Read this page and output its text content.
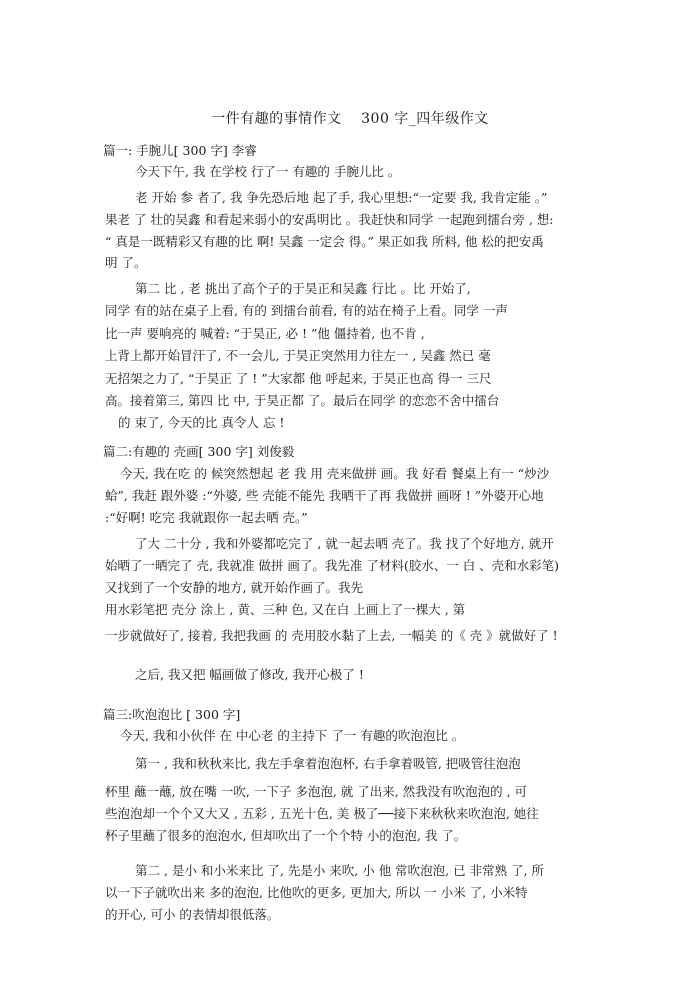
一件有趣的事情作文　 300 字_四年级作文
篇一: 手腕儿[ 300 字] 李睿
今天下午, 我 在学校 行了一 有趣的 手腕儿比 。
老 开始 参 者了, 我 争先恐后地 起了手, 我心里想:“一定要 我, 我肯定能 。”
果老 了 壮的吴鑫 和看起来弱小的安禹明比 。我赶快和同学 一起跑到擂台旁 , 想:
“ 真是一既精彩又有趣的比 啊! 吴鑫 一定会 得。” 果正如我 所料, 他 松的把安禹
明 了。
第二 比 , 老 挑出了高个子的于昊正和吴鑫 行比 。比 开始了,
同学 有的站在桌子上看, 有的 到擂台前看, 有的站在椅子上看。同学 一声
比一声 要响亮的 喊着: “于昊正, 必 ! ”他 僵持着, 也不肯 ,
上背上都开始冒汗了, 不一会儿, 于昊正突然用力往左一 , 吴鑫 然已 毫
无招架之力了, “于昊正 了 ! ”大家都 他 呼起来, 于昊正也高 得一 三尺
高。接着第三, 第四 比 中, 于昊正都 了。最后在同学 的恋恋不舍中擂台
的 束了, 今天的比 真令人 忘 !
篇二:有趣的 壳画[ 300 字] 刘俊毅
今天, 我在吃 的 候突然想起 老 我 用 壳来做拼 画。我 好看 餐桌上有一 “炒沙
蛤”, 我赶 跟外婆 :“外婆, 些 壳能不能先 我晒干了再 我做拼 画呀 ! ”外婆开心地
:“好啊! 吃完 我就跟你一起去晒 壳。”
了大 二十分 , 我和外婆都吃完了 , 就一起去晒 壳了。我 找了个好地方, 就开
始晒了一晒完了 壳, 我就准 做拼 画了。我先准 了材料(胶水、一 白 、壳和水彩笔)
又找到了一个安静的地方, 就开始作画了。我先
用水彩笔把 壳分 涂上 , 黄、三种 色, 又在白 上画上了一棵大 , 第
一步就做好了, 接着, 我把我画 的 壳用胶水黏了上去, 一幅美 的《 壳 》就做好了 !
之后, 我又把 幅画做了修改, 我开心极了 !
篇三:吹泡泡比 [ 300 字]
今天, 我和小伙伴 在 中心老 的主持下 了一 有趣的吹泡泡比 。
第一 , 我和秋秋来比, 我左手拿着泡泡杯, 右手拿着吸管, 把吸管往泡泡
杯里 蘸一蘸, 放在嘴 一吹, 一下子 多泡泡, 就 了出来, 然我没有吹泡泡的 , 可
些泡泡却一个个又大又 , 五彩 , 五光十色, 美 极了──接下来秋秋来吹泡泡, 她往
杯子里蘸了很多的泡泡水, 但却吹出了一个个特 小的泡泡, 我 了。
第二 , 是小 和小米来比 了, 先是小 来吹, 小 他 常吹泡泡, 已 非常熟 了, 所
以一下子就吹出来 多的泡泡, 比他吹的更多, 更加大, 所以 一 小米 了, 小米特
的开心, 可小 的表情却很低落。
